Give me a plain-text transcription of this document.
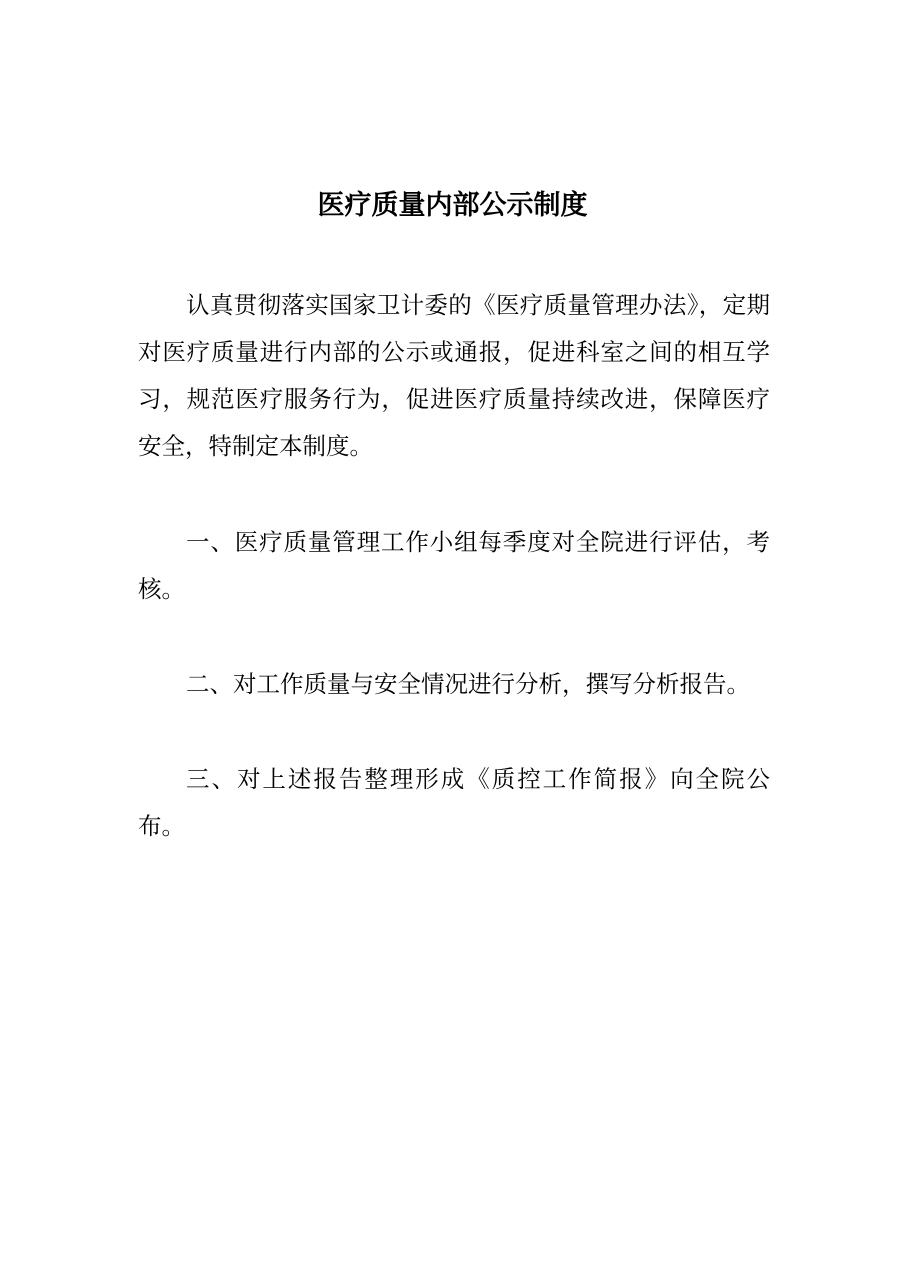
医疗质量内部公示制度

认真贯彻落实国家卫计委的《医疗质量管理办法》，定期对医疗质量进行内部的公示或通报，促进科室之间的相互学习，规范医疗服务行为，促进医疗质量持续改进，保障医疗安全，特制定本制度。

一、医疗质量管理工作小组每季度对全院进行评估，考核。

二、对工作质量与安全情况进行分析，撰写分析报告。

三、对上述报告整理形成《质控工作简报》向全院公布。
